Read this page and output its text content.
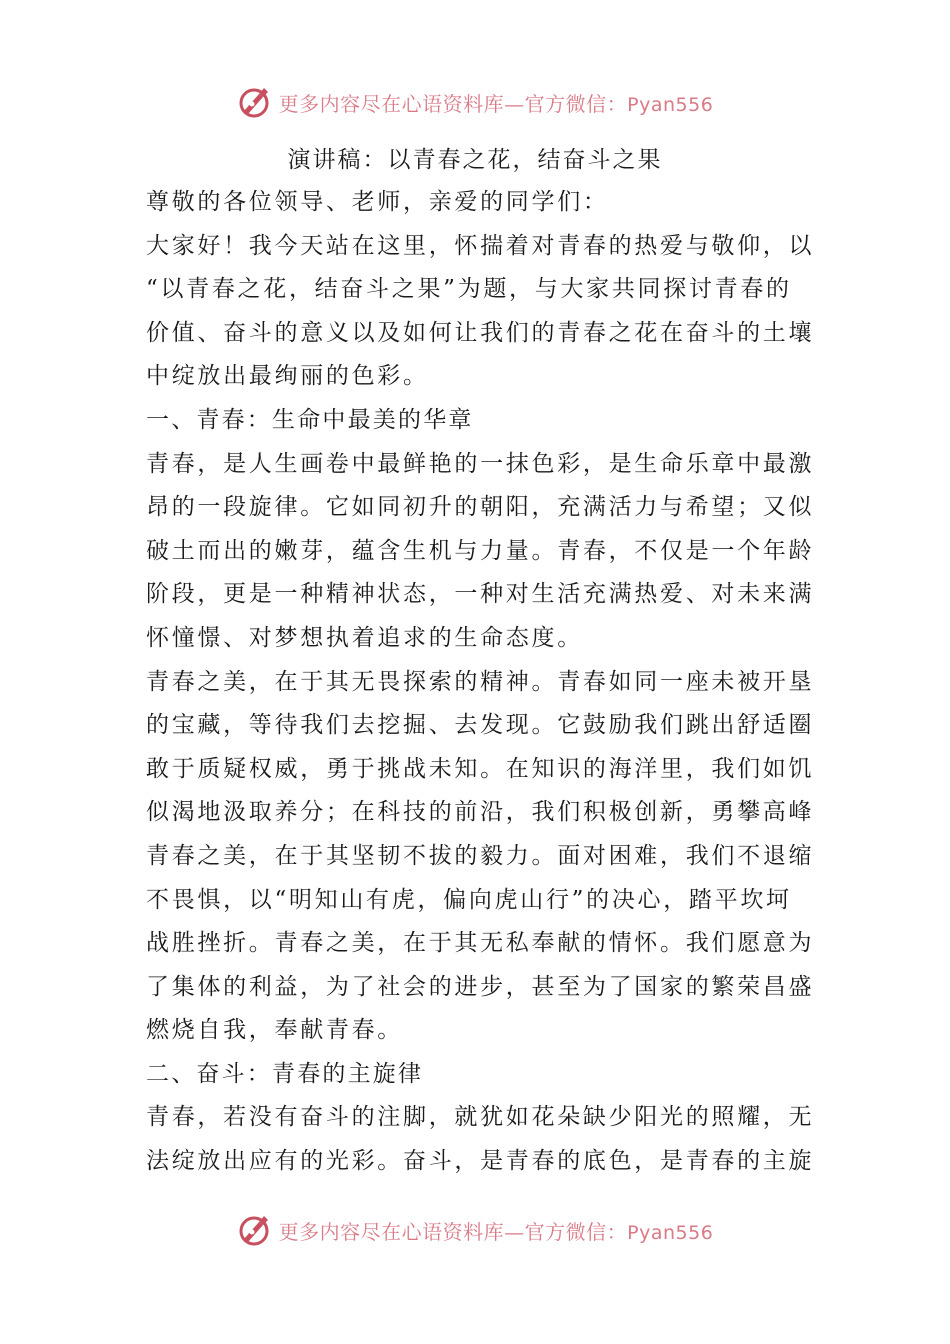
更多内容尽在心语资料库—官方微信：Pyan556
演讲稿：以青春之花，结奋斗之果
尊敬的各位领导、老师，亲爱的同学们：
大家好！我今天站在这里，怀揣着对青春的热爱与敬仰，以
“以青春之花，结奋斗之果”为题，与大家共同探讨青春的
价值、奋斗的意义以及如何让我们的青春之花在奋斗的土壤
中绽放出最绚丽的色彩。
一、青春：生命中最美的华章
青春，是人生画卷中最鲜艳的一抹色彩，是生命乐章中最激
昂的一段旋律。它如同初升的朝阳，充满活力与希望；又似
破土而出的嫩芽，蕴含生机与力量。青春，不仅是一个年龄
阶段，更是一种精神状态，一种对生活充满热爱、对未来满
怀憧憬、对梦想执着追求的生命态度。
青春之美，在于其无畏探索的精神。青春如同一座未被开垦
的宝藏，等待我们去挖掘、去发现。它鼓励我们跳出舒适圈
敢于质疑权威，勇于挑战未知。在知识的海洋里，我们如饥
似渴地汲取养分；在科技的前沿，我们积极创新，勇攀高峰
青春之美，在于其坚韧不拔的毅力。面对困难，我们不退缩
不畏惧，以“明知山有虎，偏向虎山行”的决心，踏平坎坷
战胜挫折。青春之美，在于其无私奉献的情怀。我们愿意为
了集体的利益，为了社会的进步，甚至为了国家的繁荣昌盛
燃烧自我，奉献青春。
二、奋斗：青春的主旋律
青春，若没有奋斗的注脚，就犹如花朵缺少阳光的照耀，无
法绽放出应有的光彩。奋斗，是青春的底色，是青春的主旋
更多内容尽在心语资料库—官方微信：Pyan556
